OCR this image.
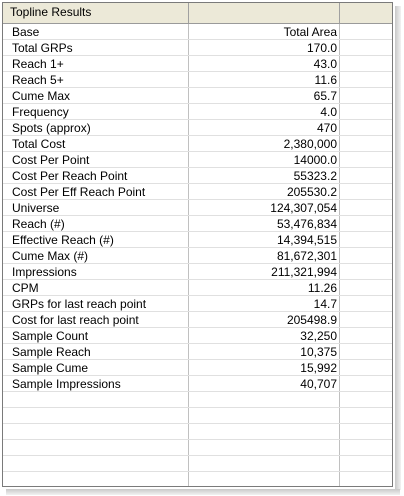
Topline Results
Base	Total Area
Total GRPs	170.0
Reach 1+	43.0
Reach 5+	11.6
Cume Max	65.7
Frequency	4.0
Spots (approx)	470
Total Cost	2,380,000
Cost Per Point	14000.0
Cost Per Reach Point	55323.2
Cost Per Eff Reach Point	205530.2
Universe	124,307,054
Reach (#)	53,476,834
Effective Reach (#)	14,394,515
Cume Max (#)	81,672,301
Impressions	211,321,994
CPM	11.26
GRPs for last reach point	14.7
Cost for last reach point	205498.9
Sample Count	32,250
Sample Reach	10,375
Sample Cume	15,992
Sample Impressions	40,707
